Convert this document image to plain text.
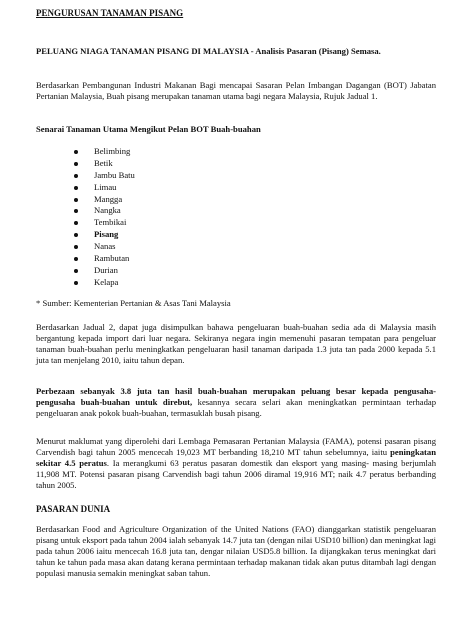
PENGURUSAN TANAMAN PISANG
PELUANG NIAGA TANAMAN PISANG DI MALAYSIA - Analisis Pasaran (Pisang) Semasa.
Berdasarkan Pembangunan Industri Makanan Bagi mencapai Sasaran Pelan Imbangan Dagangan (BOT) Jabatan Pertanian Malaysia, Buah pisang merupakan tanaman utama bagi negara Malaysia, Rujuk Jadual 1.
Senarai Tanaman Utama Mengikut Pelan BOT Buah-buahan
Belimbing
Betik
Jambu Batu
Limau
Mangga
Nangka
Tembikai
Pisang
Nanas
Rambutan
Durian
Kelapa
* Sumber: Kementerian Pertanian & Asas Tani Malaysia
Berdasarkan Jadual 2, dapat juga disimpulkan bahawa pengeluaran buah-buahan sedia ada di Malaysia masih bergantung kepada import dari luar negara. Sekiranya negara ingin memenuhi pasaran tempatan para pengeluar tanaman buah-buahan perlu meningkatkan pengeluaran hasil tanaman daripada 1.3 juta tan pada 2000 kepada 5.1 juta tan menjelang 2010, iaitu tahun depan.
Perbezaan sebanyak 3.8 juta tan hasil buah-buahan merupakan peluang besar kepada pengusaha-pengusaha buah-buahan untuk direbut, kesannya secara selari akan meningkatkan permintaan terhadap pengeluaran anak pokok buah-buahan, termasuklah busah pisang.
Menurut maklumat yang diperolehi dari Lembaga Pemasaran Pertanian Malaysia (FAMA), potensi pasaran pisang Carvendish bagi tahun 2005 mencecah 19,023 MT berbanding 18,210 MT tahun sebelumnya, iaitu peningkatan sekitar 4.5 peratus. Ia merangkumi 63 peratus pasaran domestik dan eksport yang masing- masing berjumlah 11,908 MT. Potensi pasaran pisang Carvendish bagi tahun 2006 diramal 19,916 MT; naik 4.7 peratus berbanding tahun 2005.
PASARAN DUNIA
Berdasarkan Food and Agriculture Organization of the United Nations (FAO) dianggarkan statistik pengeluaran pisang untuk eksport pada tahun 2004 ialah sebanyak 14.7 juta tan (dengan nilai USD10 billion) dan meningkat lagi pada tahun 2006 iaitu mencecah 16.8 juta tan, dengar nilaian USD5.8 billion. Ia dijangkakan terus meningkat dari tahun ke tahun pada masa akan datang kerana permintaan terhadap makanan tidak akan putus ditambah lagi dengan populasi manusia semakin meningkat saban tahun.
